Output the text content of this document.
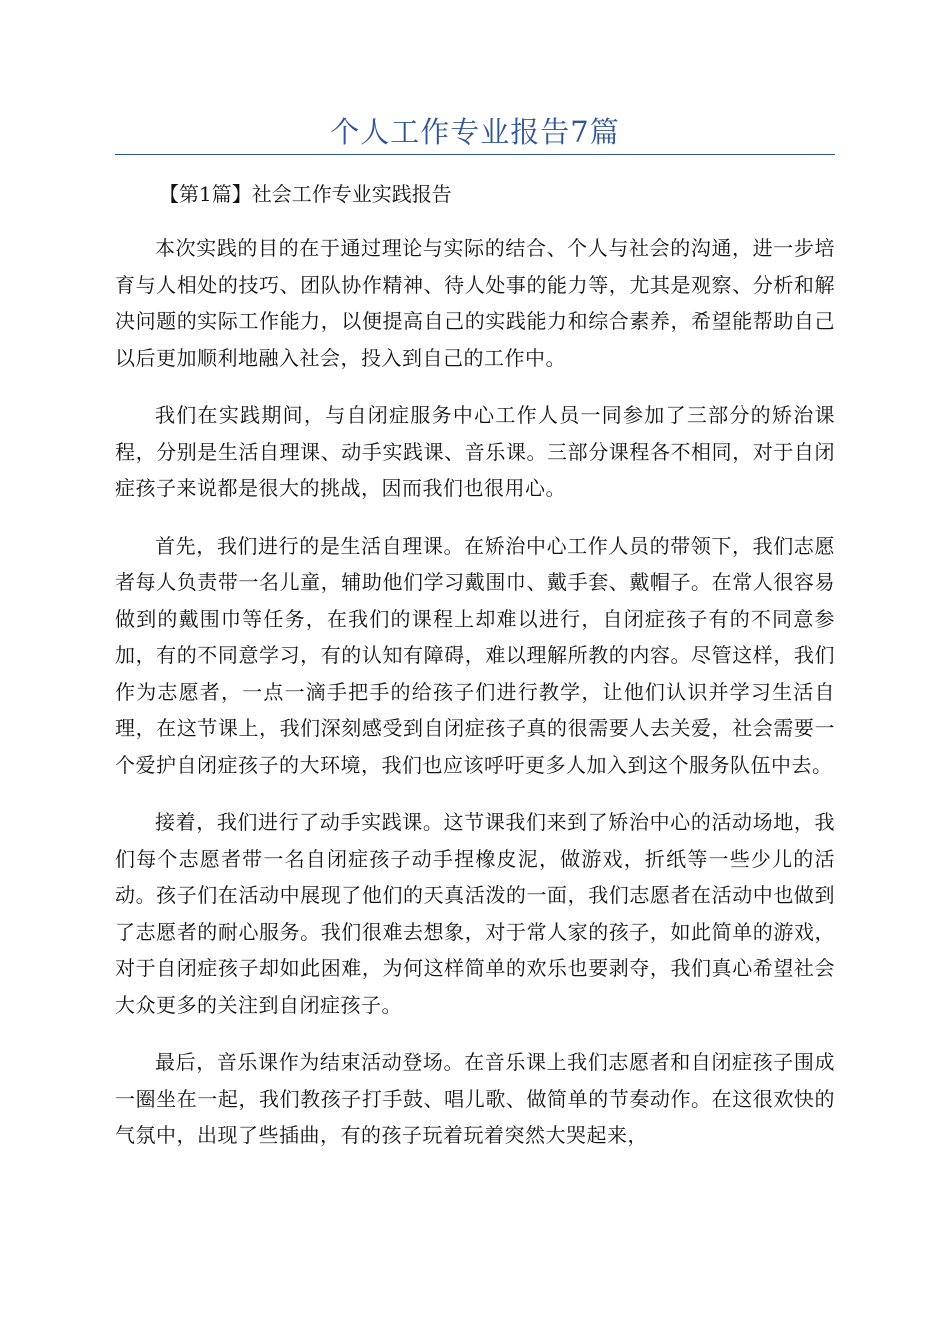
个人工作专业报告7篇

【第1篇】社会工作专业实践报告

本次实践的目的在于通过理论与实际的结合、个人与社会的沟通，进一步培育与人相处的技巧、团队协作精神、待人处事的能力等，尤其是观察、分析和解决问题的实际工作能力，以便提高自己的实践能力和综合素养，希望能帮助自己以后更加顺利地融入社会，投入到自己的工作中。

我们在实践期间，与自闭症服务中心工作人员一同参加了三部分的矫治课程，分别是生活自理课、动手实践课、音乐课。三部分课程各不相同，对于自闭症孩子来说都是很大的挑战，因而我们也很用心。

首先，我们进行的是生活自理课。在矫治中心工作人员的带领下，我们志愿者每人负责带一名儿童，辅助他们学习戴围巾、戴手套、戴帽子。在常人很容易做到的戴围巾等任务，在我们的课程上却难以进行，自闭症孩子有的不同意参加，有的不同意学习，有的认知有障碍，难以理解所教的内容。尽管这样，我们作为志愿者，一点一滴手把手的给孩子们进行教学，让他们认识并学习生活自理，在这节课上，我们深刻感受到自闭症孩子真的很需要人去关爱，社会需要一个爱护自闭症孩子的大环境，我们也应该呼吁更多人加入到这个服务队伍中去。

接着，我们进行了动手实践课。这节课我们来到了矫治中心的活动场地，我们每个志愿者带一名自闭症孩子动手捏橡皮泥，做游戏，折纸等一些少儿的活动。孩子们在活动中展现了他们的天真活泼的一面，我们志愿者在活动中也做到了志愿者的耐心服务。我们很难去想象，对于常人家的孩子，如此简单的游戏，对于自闭症孩子却如此困难，为何这样简单的欢乐也要剥夺，我们真心希望社会大众更多的关注到自闭症孩子。

最后，音乐课作为结束活动登场。在音乐课上我们志愿者和自闭症孩子围成一圈坐在一起，我们教孩子打手鼓、唱儿歌、做简单的节奏动作。在这很欢快的气氛中，出现了些插曲，有的孩子玩着玩着突然大哭起来，
